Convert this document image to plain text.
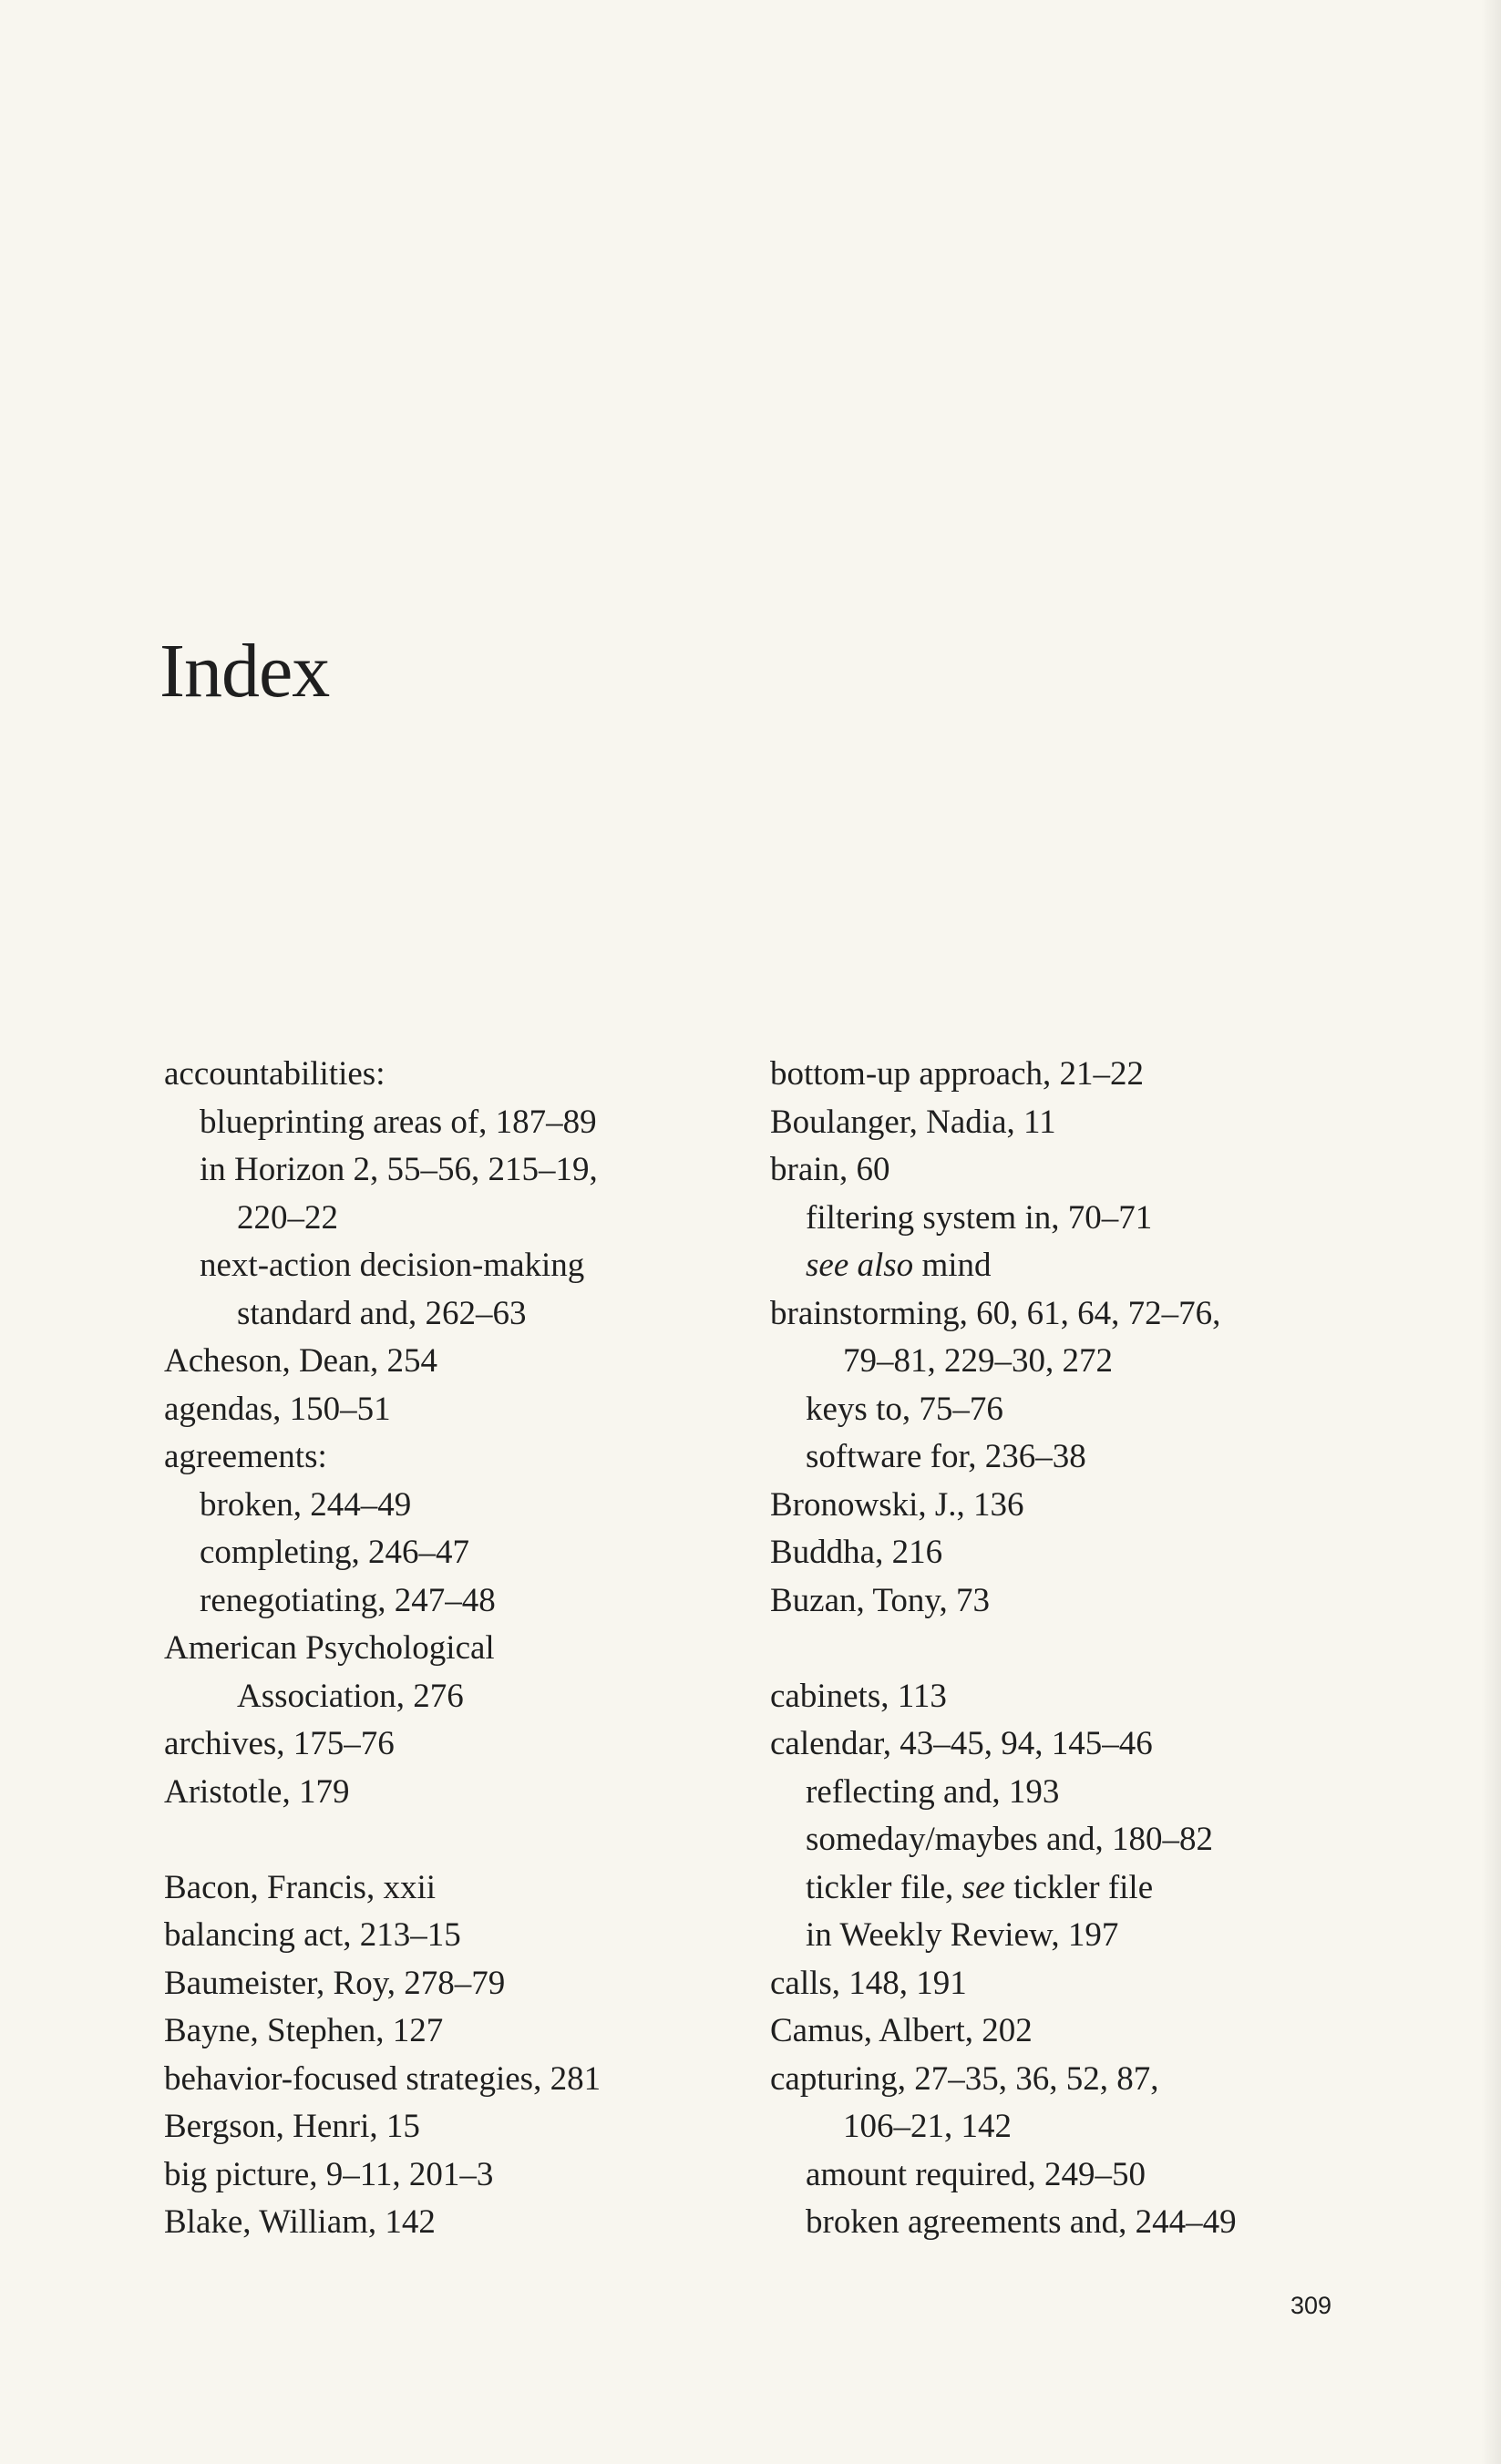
Index
accountabilities:
blueprinting areas of, 187–89
in Horizon 2, 55–56, 215–19,
220–22
next-action decision-making
standard and, 262–63
Acheson, Dean, 254
agendas, 150–51
agreements:
broken, 244–49
completing, 246–47
renegotiating, 247–48
American Psychological
Association, 276
archives, 175–76
Aristotle, 179
Bacon, Francis, xxii
balancing act, 213–15
Baumeister, Roy, 278–79
Bayne, Stephen, 127
behavior-focused strategies, 281
Bergson, Henri, 15
big picture, 9–11, 201–3
Blake, William, 142
bottom-up approach, 21–22
Boulanger, Nadia, 11
brain, 60
filtering system in, 70–71
see also mind
brainstorming, 60, 61, 64, 72–76,
79–81, 229–30, 272
keys to, 75–76
software for, 236–38
Bronowski, J., 136
Buddha, 216
Buzan, Tony, 73
cabinets, 113
calendar, 43–45, 94, 145–46
reflecting and, 193
someday/maybes and, 180–82
tickler file, see tickler file
in Weekly Review, 197
calls, 148, 191
Camus, Albert, 202
capturing, 27–35, 36, 52, 87,
106–21, 142
amount required, 249–50
broken agreements and, 244–49
309
